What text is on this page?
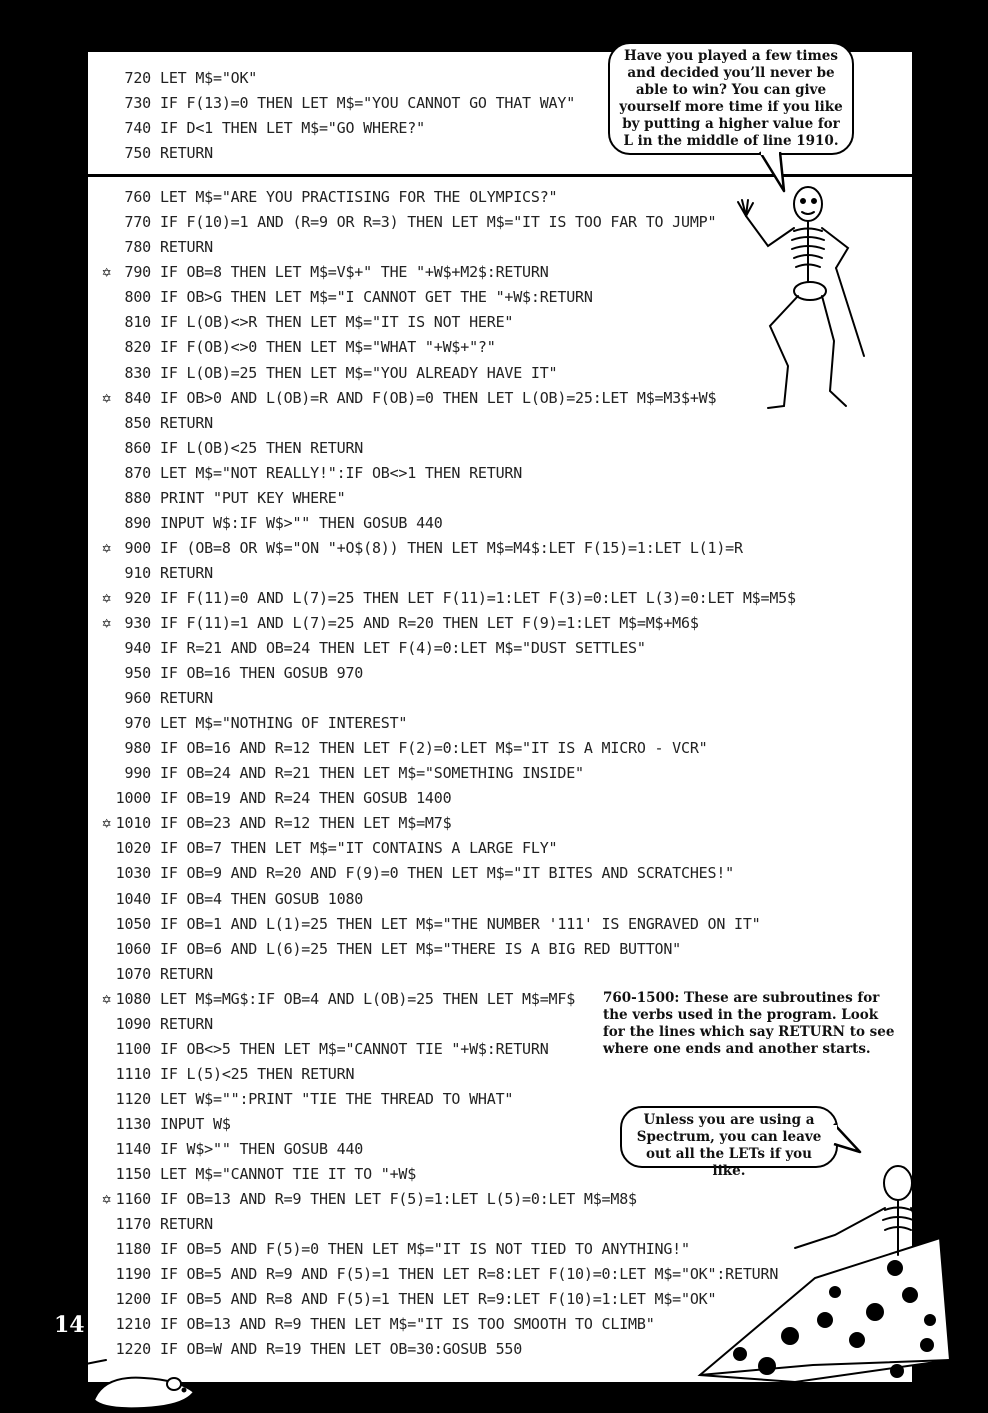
720 LET M$="OK"
730 IF F(13)=0 THEN LET M$="YOU CANNOT GO THAT WAY"
740 IF D<1 THEN LET M$="GO WHERE?"
750 RETURN
760 LET M$="ARE YOU PRACTISING FOR THE OLYMPICS?"
770 IF F(10)=1 AND (R=9 OR R=3) THEN LET M$="IT IS TOO FAR TO JUMP"
780 RETURN
✡ 790 IF OB=8 THEN LET M$=V$+" THE "+W$+M2$:RETURN
800 IF OB>G THEN LET M$="I CANNOT GET THE "+W$:RETURN
810 IF L(OB)<>R THEN LET M$="IT IS NOT HERE"
820 IF F(OB)<>0 THEN LET M$="WHAT "+W$+"?"
830 IF L(OB)=25 THEN LET M$="YOU ALREADY HAVE IT"
✡ 840 IF OB>0 AND L(OB)=R AND F(OB)=0 THEN LET L(OB)=25:LET M$=M3$+W$
850 RETURN
860 IF L(OB)<25 THEN RETURN
870 LET M$="NOT REALLY!":IF OB<>1 THEN RETURN
880 PRINT "PUT KEY WHERE"
890 INPUT W$:IF W$>"" THEN GOSUB 440
✡ 900 IF (OB=8 OR W$="ON "+O$(8)) THEN LET M$=M4$:LET F(15)=1:LET L(1)=R
910 RETURN
✡ 920 IF F(11)=0 AND L(7)=25 THEN LET F(11)=1:LET F(3)=0:LET L(3)=0:LET M$=M5$
✡ 930 IF F(11)=1 AND L(7)=25 AND R=20 THEN LET F(9)=1:LET M$=M$+M6$
940 IF R=21 AND OB=24 THEN LET F(4)=0:LET M$="DUST SETTLES"
950 IF OB=16 THEN GOSUB 970
960 RETURN
970 LET M$="NOTHING OF INTEREST"
980 IF OB=16 AND R=12 THEN LET F(2)=0:LET M$="IT IS A MICRO - VCR"
990 IF OB=24 AND R=21 THEN LET M$="SOMETHING INSIDE"
1000 IF OB=19 AND R=24 THEN GOSUB 1400
✡ 1010 IF OB=23 AND R=12 THEN LET M$=M7$
1020 IF OB=7 THEN LET M$="IT CONTAINS A LARGE FLY"
1030 IF OB=9 AND R=20 AND F(9)=0 THEN LET M$="IT BITES AND SCRATCHES!"
1040 IF OB=4 THEN GOSUB 1080
1050 IF OB=1 AND L(1)=25 THEN LET M$="THE NUMBER '111' IS ENGRAVED ON IT"
1060 IF OB=6 AND L(6)=25 THEN LET M$="THERE IS A BIG RED BUTTON"
1070 RETURN
✡ 1080 LET M$=MG$:IF OB=4 AND L(OB)=25 THEN LET M$=MF$
1090 RETURN
1100 IF OB<>5 THEN LET M$="CANNOT TIE "+W$:RETURN
1110 IF L(5)<25 THEN RETURN
1120 LET W$="":PRINT "TIE THE THREAD TO WHAT"
1130 INPUT W$
1140 IF W$>"" THEN GOSUB 440
1150 LET M$="CANNOT TIE IT TO "+W$
✡ 1160 IF OB=13 AND R=9 THEN LET F(5)=1:LET L(5)=0:LET M$=M8$
1170 RETURN
1180 IF OB=5 AND F(5)=0 THEN LET M$="IT IS NOT TIED TO ANYTHING!"
1190 IF OB=5 AND R=9 AND F(5)=1 THEN LET R=8:LET F(10)=0:LET M$="OK":RETURN
1200 IF OB=5 AND R=8 AND F(5)=1 THEN LET R=9:LET F(10)=1:LET M$="OK"
1210 IF OB=13 AND R=9 THEN LET M$="IT IS TOO SMOOTH TO CLIMB"
1220 IF OB=W AND R=19 THEN LET OB=30:GOSUB 550
Have you played a few times and decided you’ll never be able to win? You can give yourself more time if you like by putting a higher value for L in the middle of line 1910.
760-1500: These are subroutines for the verbs used in the program. Look for the lines which say RETURN to see where one ends and another starts.
Unless you are using a Spectrum, you can leave out all the LETs if you like.
14
